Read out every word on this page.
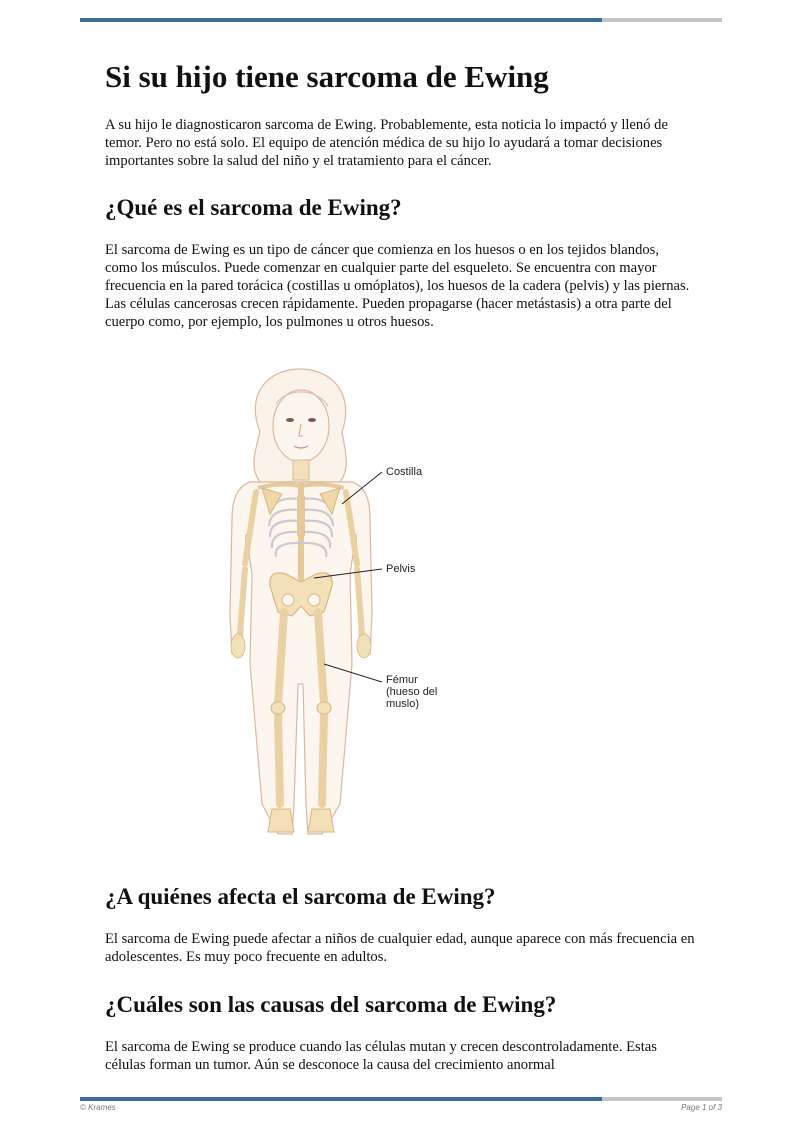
Si su hijo tiene sarcoma de Ewing

A su hijo le diagnosticaron sarcoma de Ewing. Probablemente, esta noticia lo impactó y llenó de temor. Pero no está solo. El equipo de atención médica de su hijo lo ayudará a tomar decisiones importantes sobre la salud del niño y el tratamiento para el cáncer.

¿Qué es el sarcoma de Ewing?

El sarcoma de Ewing es un tipo de cáncer que comienza en los huesos o en los tejidos blandos, como los músculos. Puede comenzar en cualquier parte del esqueleto. Se encuentra con mayor frecuencia en la pared torácica (costillas u omóplatos), los huesos de la cadera (pelvis) y las piernas. Las células cancerosas crecen rápidamente. Pueden propagarse (hacer metástasis) a otra parte del cuerpo como, por ejemplo, los pulmones u otros huesos.

Costilla
Pelvis
Fémur
(hueso del
muslo)
¿A quiénes afecta el sarcoma de Ewing?

El sarcoma de Ewing puede afectar a niños de cualquier edad, aunque aparece con más frecuencia en adolescentes. Es muy poco frecuente en adultos.

¿Cuáles son las causas del sarcoma de Ewing?

El sarcoma de Ewing se produce cuando las células mutan y crecen descontroladamente. Estas células forman un tumor. Aún se desconoce la causa del crecimiento anormal

© Krames	Page 1 of 3
